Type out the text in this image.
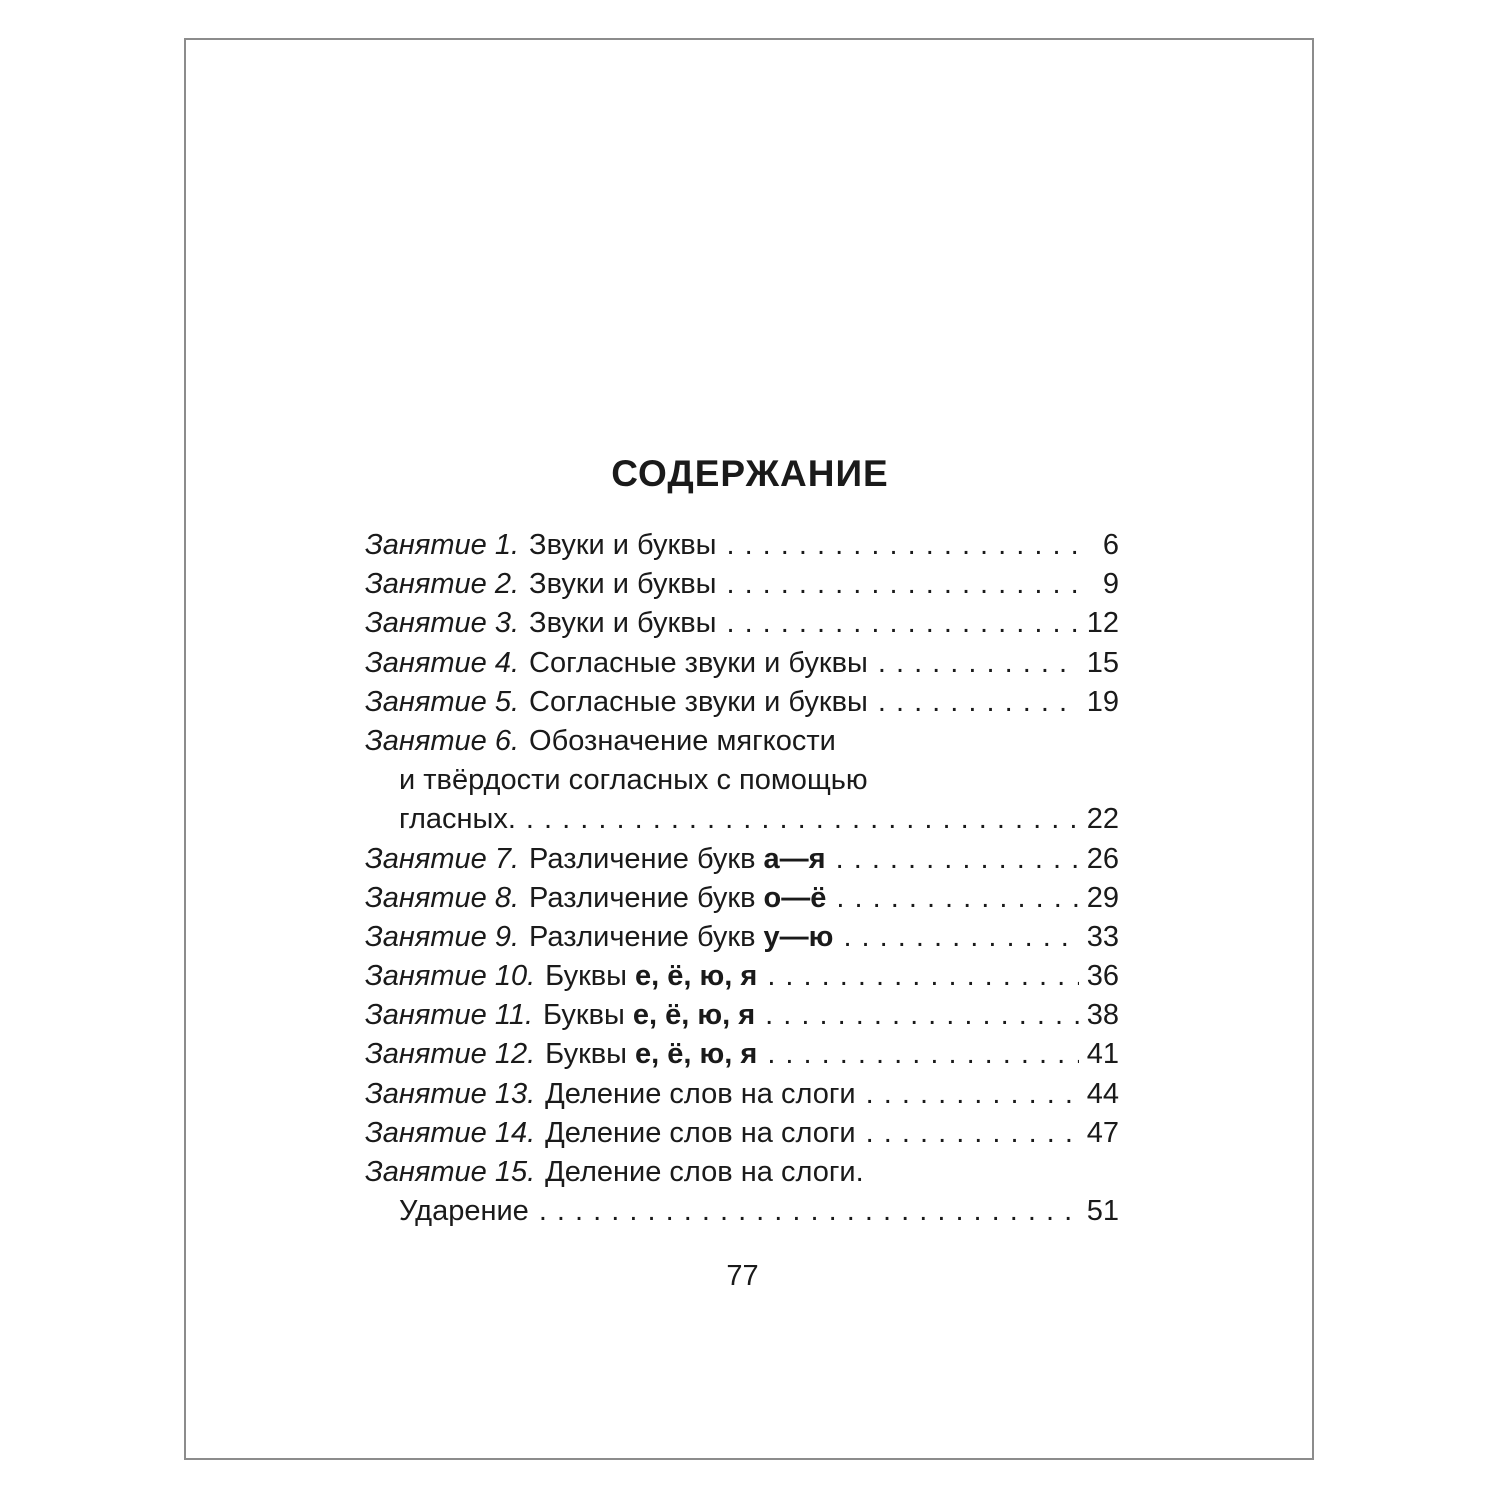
СОДЕРЖАНИЕ
Занятие 1. Звуки и буквы . . .	6
Занятие 2. Звуки и буквы . . .	9
Занятие 3. Звуки и буквы . . .	12
Занятие 4. Согласные звуки и буквы . . .	15
Занятие 5. Согласные звуки и буквы . . .	19
Занятие 6. Обозначение мягкости
и твёрдости согласных с помощью
гласных. . . .	22
Занятие 7. Различение букв а—я . . .	26
Занятие 8. Различение букв о—ё . . .	29
Занятие 9. Различение букв у—ю . . .	33
Занятие 10. Буквы е, ё, ю, я . . .	36
Занятие 11. Буквы е, ё, ю, я . . .	38
Занятие 12. Буквы е, ё, ю, я . . .	41
Занятие 13. Деление слов на слоги . . .	44
Занятие 14. Деление слов на слоги . . .	47
Занятие 15. Деление слов на слоги.
Ударение . . .	51
77
